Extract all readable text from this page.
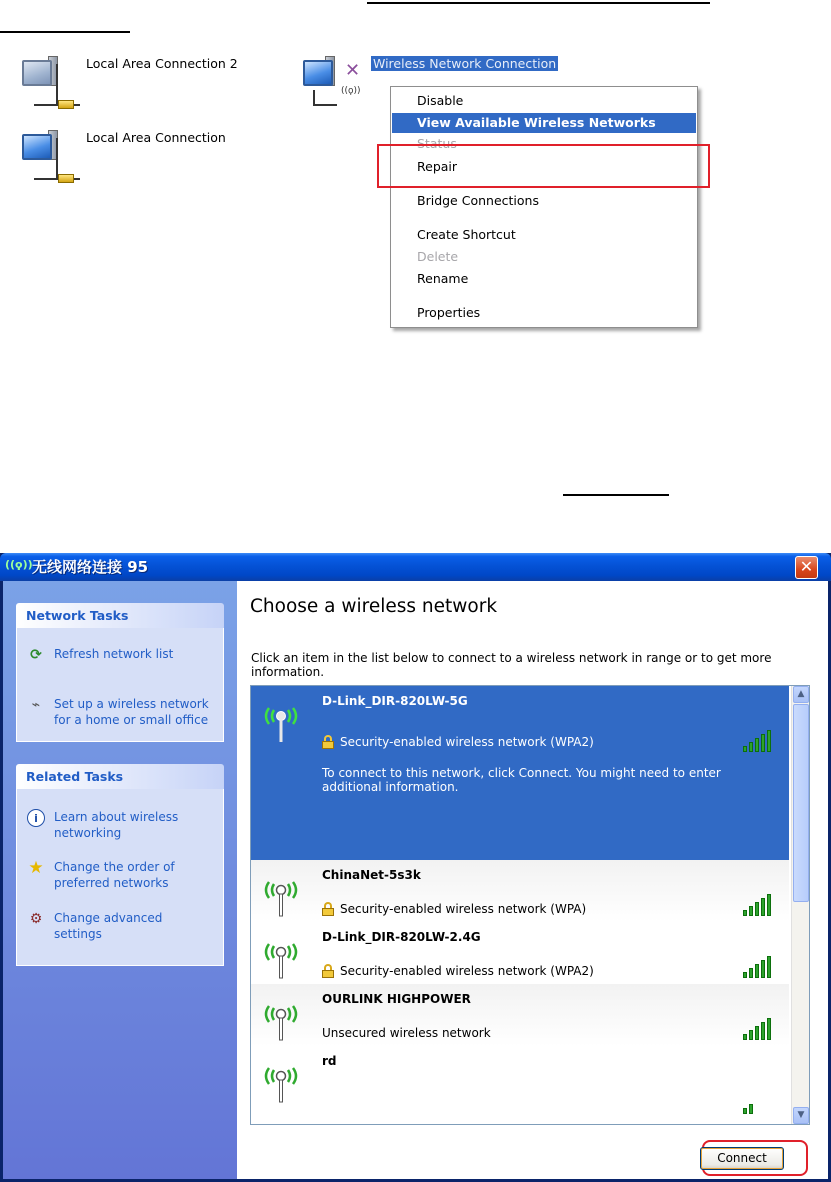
Local Area Connection 2
Local Area Connection
✕
((ϙ))
Wireless Network Connection
Disable
View Available Wireless Networks
Status
Repair
Bridge Connections
Create Shortcut
Delete
Rename
Properties
((ϙ)) 无线网络连接 95	✕
Network Tasks
⟳ Refresh network list
⌁	Set up a wireless network for a home or small office
Related Tasks
i	Learn about wireless networking
★ Change the order of preferred networks
⚙ Change advanced settings
Choose a wireless network
Click an item in the list below to connect to a wireless network in range or to get more information.
D-Link_DIR-820LW-5G
Security-enabled wireless network (WPA2)
To connect to this network, click Connect. You might need to enter additional information.
ChinaNet-5s3k
Security-enabled wireless network (WPA)
D-Link_DIR-820LW-2.4G
Security-enabled wireless network (WPA2)
OURLINK HIGHPOWER
Unsecured wireless network
rd
▲
▼
Connect
